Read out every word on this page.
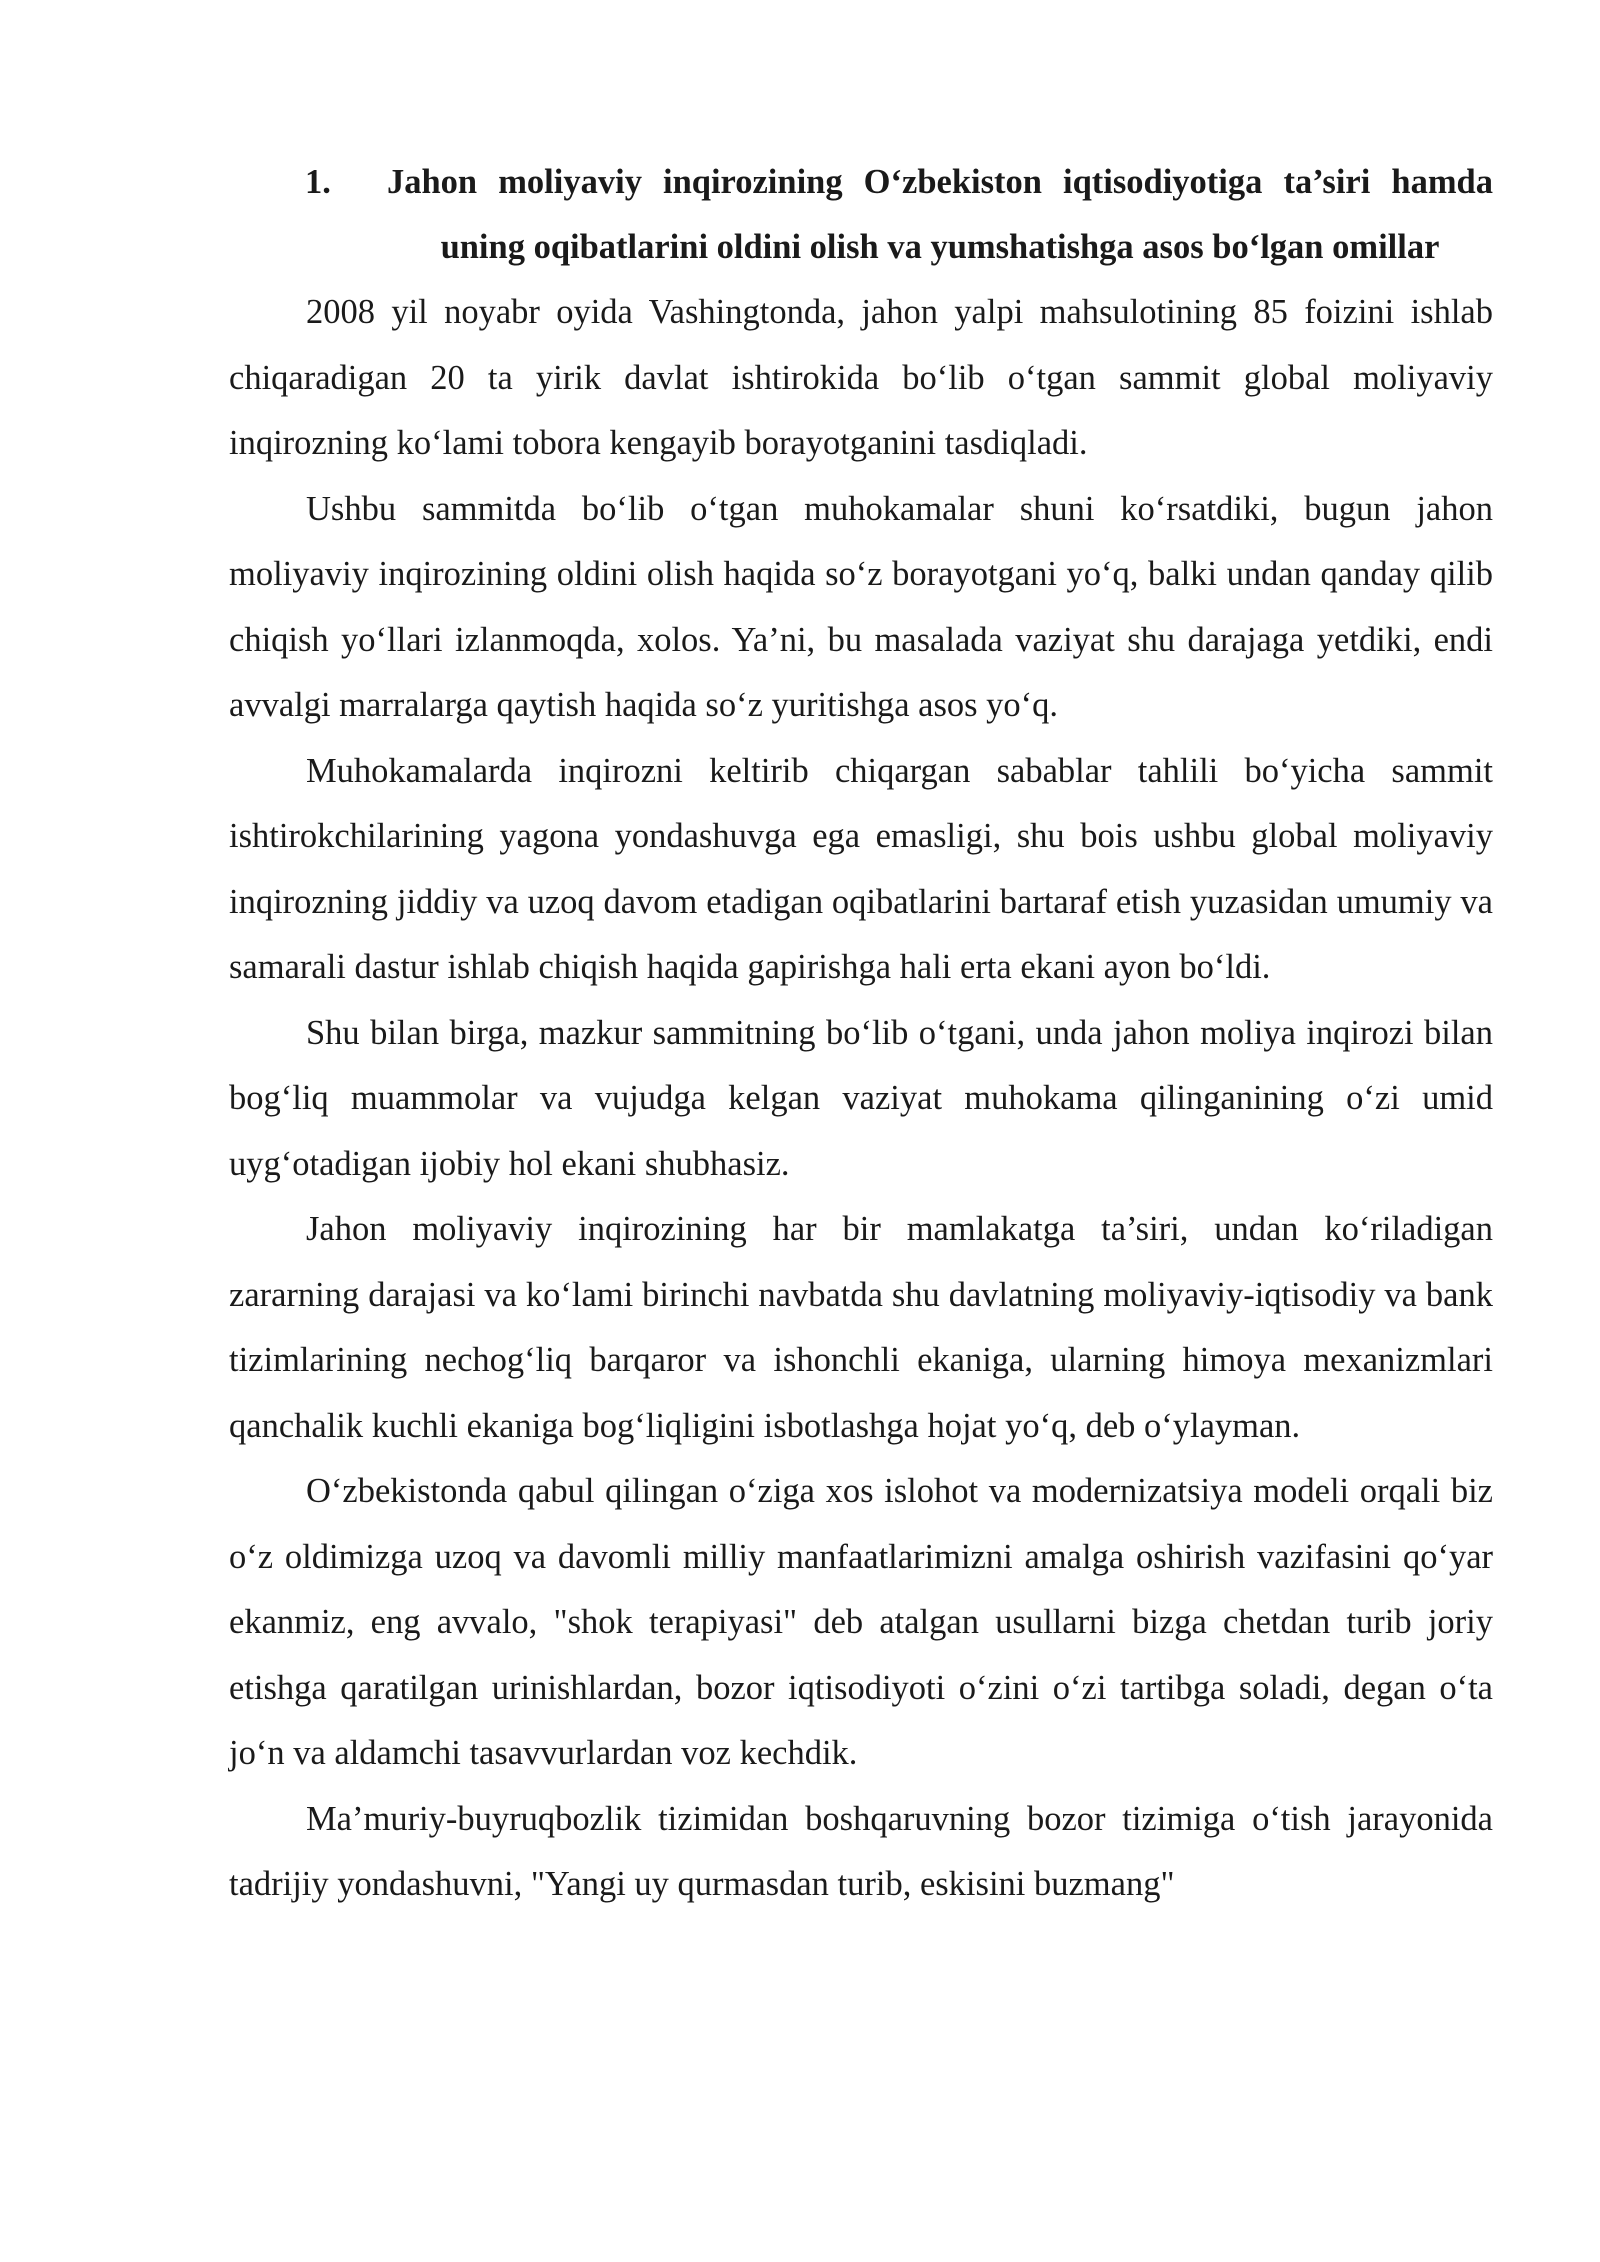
1.	Jahon moliyaviy inqirozining O‘zbekiston iqtisodiyotiga ta’siri hamda uning oqibatlarini oldini olish va yumshatishga asos bo‘lgan omillar

2008 yil noyabr oyida Vashingtonda, jahon yalpi mahsulotining 85 foizini ishlab chiqaradigan 20 ta yirik davlat ishtirokida bo‘lib o‘tgan sammit global moliyaviy inqirozning ko‘lami tobora kengayib borayotganini tasdiqladi.

Ushbu sammitda bo‘lib o‘tgan muhokamalar shuni ko‘rsatdiki, bugun jahon moliyaviy inqirozining oldini olish haqida so‘z borayotgani yo‘q, balki undan qanday qilib chiqish yo‘llari izlanmoqda, xolos. Ya’ni, bu masalada vaziyat shu darajaga yetdiki, endi avvalgi marralarga qaytish haqida so‘z yuritishga asos yo‘q.

Muhokamalarda inqirozni keltirib chiqargan sabablar tahlili bo‘yicha sammit ishtirokchilarining yagona yondashuvga ega emasligi, shu bois ushbu global moliyaviy inqirozning jiddiy va uzoq davom etadigan oqibatlarini bartaraf etish yuzasidan umumiy va samarali dastur ishlab chiqish haqida gapirishga hali erta ekani ayon bo‘ldi.

Shu bilan birga, mazkur sammitning bo‘lib o‘tgani, unda jahon moliya inqirozi bilan bog‘liq muammolar va vujudga kelgan vaziyat muhokama qilinganining o‘zi umid uyg‘otadigan ijobiy hol ekani shubhasiz.

Jahon moliyaviy inqirozining har bir mamlakatga ta’siri, undan ko‘riladigan zararning darajasi va ko‘lami birinchi navbatda shu davlatning moliyaviy-iqtisodiy va bank tizimlarining nechog‘liq barqaror va ishonchli ekaniga, ularning himoya mexanizmlari qanchalik kuchli ekaniga bog‘liqligini isbotlashga hojat yo‘q, deb o‘ylayman.

O‘zbekistonda qabul qilingan o‘ziga xos islohot va modernizatsiya modeli orqali biz o‘z oldimizga uzoq va davomli milliy manfaatlarimizni amalga oshirish vazifasini qo‘yar ekanmiz, eng avvalo, "shok terapiyasi" deb atalgan usullarni bizga chetdan turib joriy etishga qaratilgan urinishlardan, bozor iqtisodiyoti o‘zini o‘zi tartibga soladi, degan o‘ta jo‘n va aldamchi tasavvurlardan voz kechdik.

Ma’muriy-buyruqbozlik tizimidan boshqaruvning bozor tizimiga o‘tish jarayonida tadrijiy yondashuvni, "Yangi uy qurmasdan turib, eskisini buzmang"
